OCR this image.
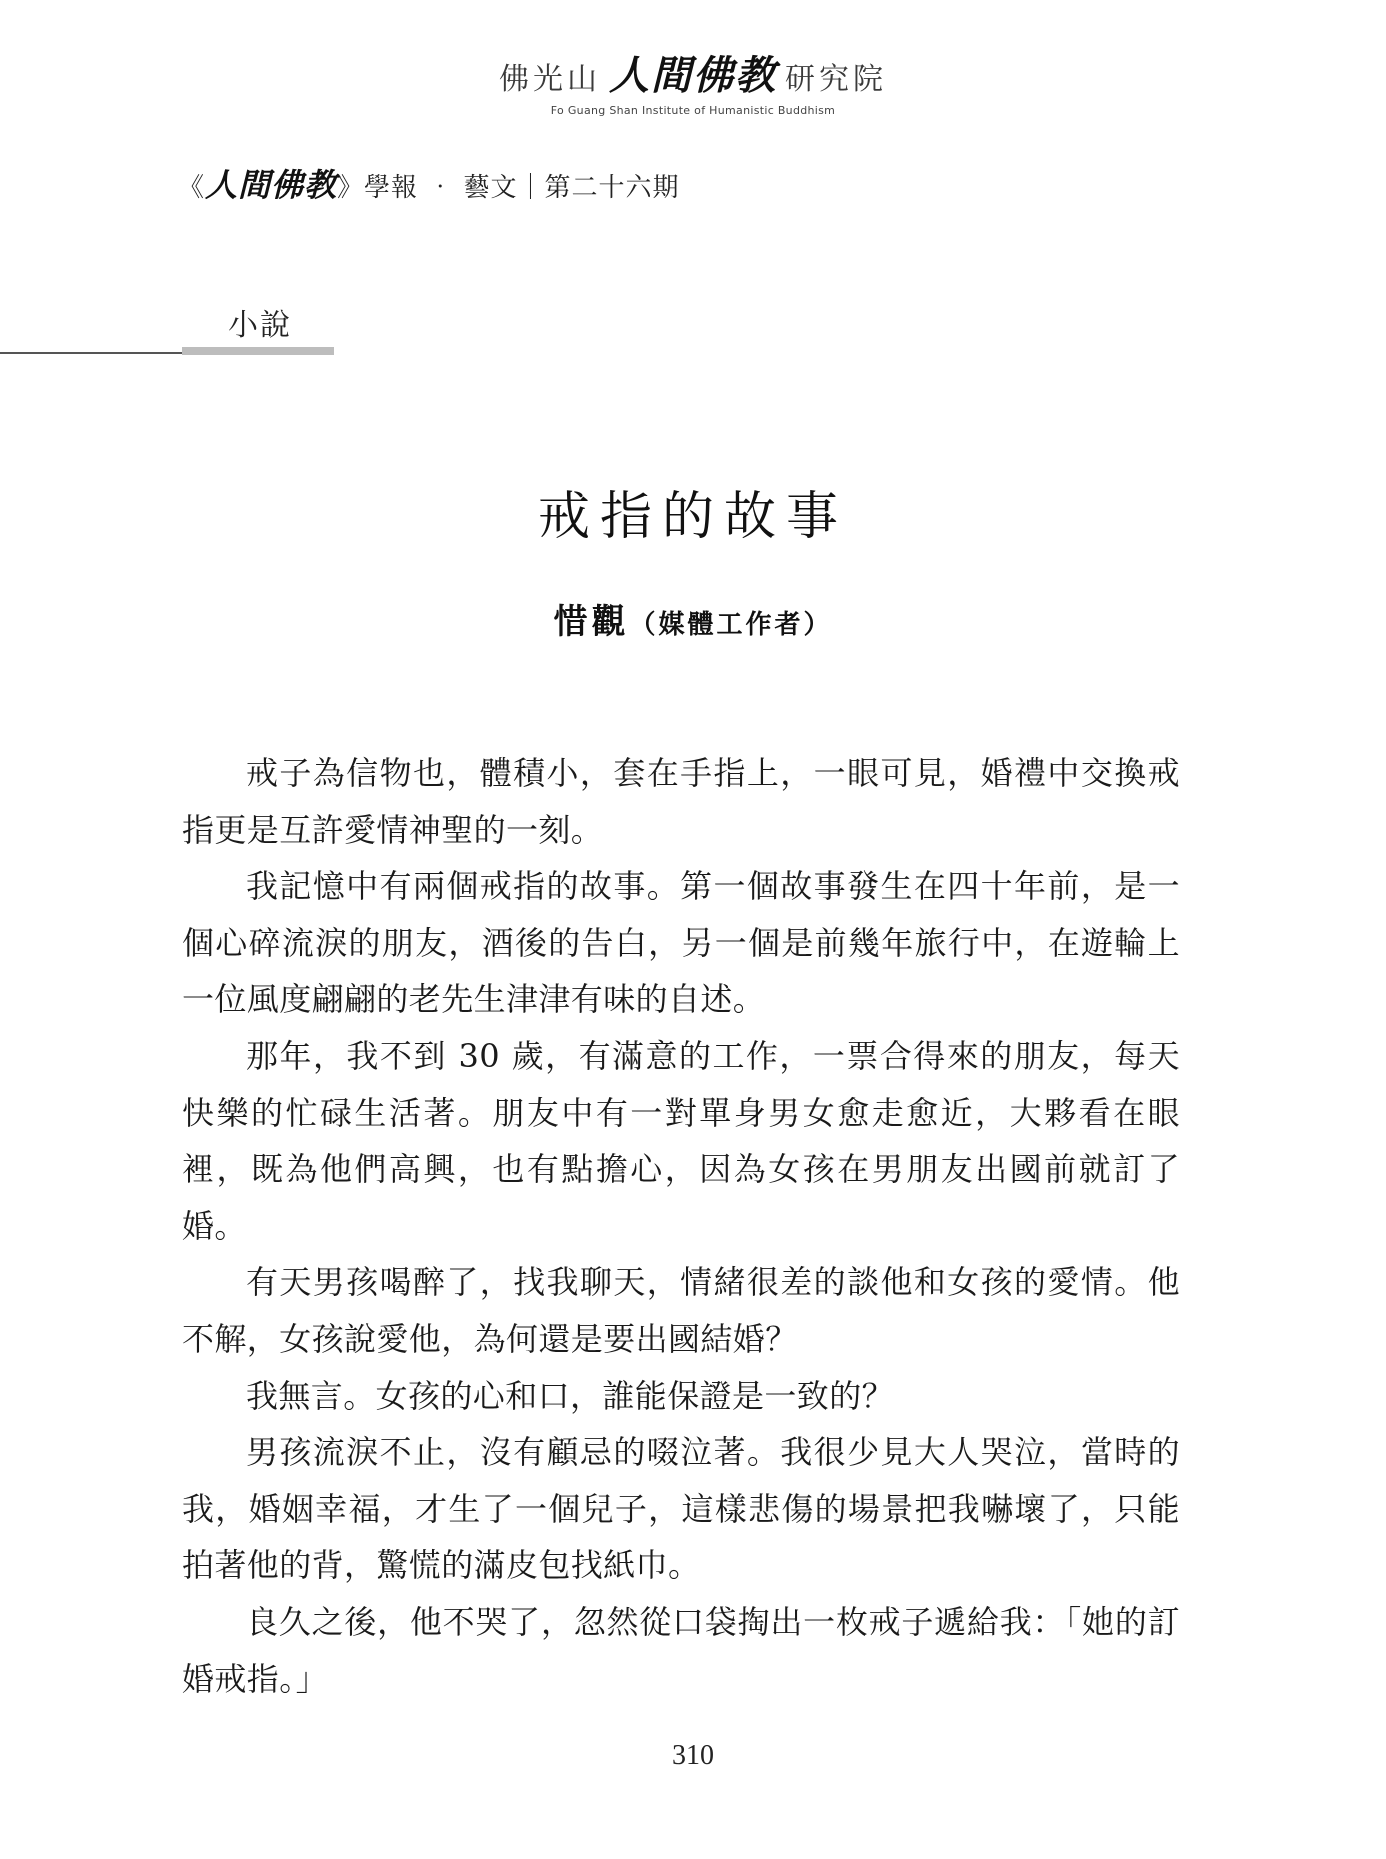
佛光山 人間佛教 研究院
Fo Guang Shan Institute of Humanistic Buddhism
《人間佛教》學報 ‧ 藝文｜第二十六期
小說
戒指的故事
惜觀（媒體工作者）

戒子為信物也，體積小，套在手指上，一眼可見，婚禮中交換戒指更是互許愛情神聖的一刻。

我記憶中有兩個戒指的故事。第一個故事發生在四十年前，是一個心碎流淚的朋友，酒後的告白，另一個是前幾年旅行中，在遊輪上一位風度翩翩的老先生津津有味的自述。

那年，我不到 30 歲，有滿意的工作，一票合得來的朋友，每天快樂的忙碌生活著。朋友中有一對單身男女愈走愈近，大夥看在眼裡，既為他們高興，也有點擔心，因為女孩在男朋友出國前就訂了婚。

有天男孩喝醉了，找我聊天，情緒很差的談他和女孩的愛情。他不解，女孩說愛他，為何還是要出國結婚？

我無言。女孩的心和口，誰能保證是一致的？

男孩流淚不止，沒有顧忌的啜泣著。我很少見大人哭泣，當時的我，婚姻幸福，才生了一個兒子，這樣悲傷的場景把我嚇壞了，只能拍著他的背，驚慌的滿皮包找紙巾。

良久之後，他不哭了，忽然從口袋掏出一枚戒子遞給我：「她的訂婚戒指。」

310
